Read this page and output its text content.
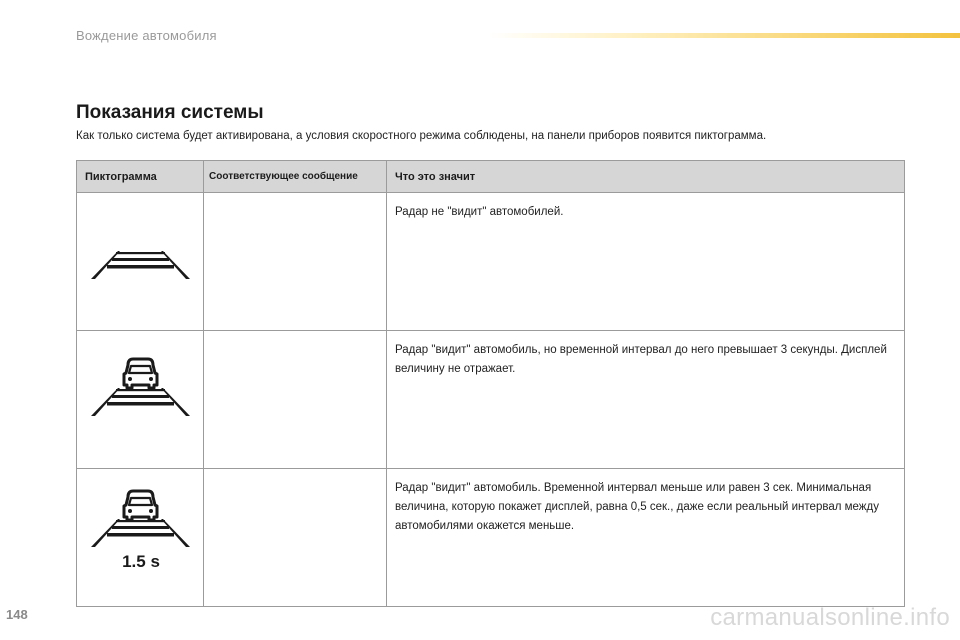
Вождение автомобиля
Показания системы
Как только система будет активирована, а условия скоростного режима соблюдены, на панели приборов появится пиктограмма.
Пиктограмма	Соответствующее сообщение	Что это значит

		Радар не "видит" автомобилей.

		Радар "видит" автомобиль, но временной интервал до него превышает 3 секунды. Дисплей величину не отражает.

1.5 s		Радар "видит" автомобиль. Временной интервал меньше или равен 3 сек. Минимальная величина, которую покажет дисплей, равна 0,5 сек., даже если реальный интервал между автомобилями окажется меньше.
148	carmanualsonline.info
